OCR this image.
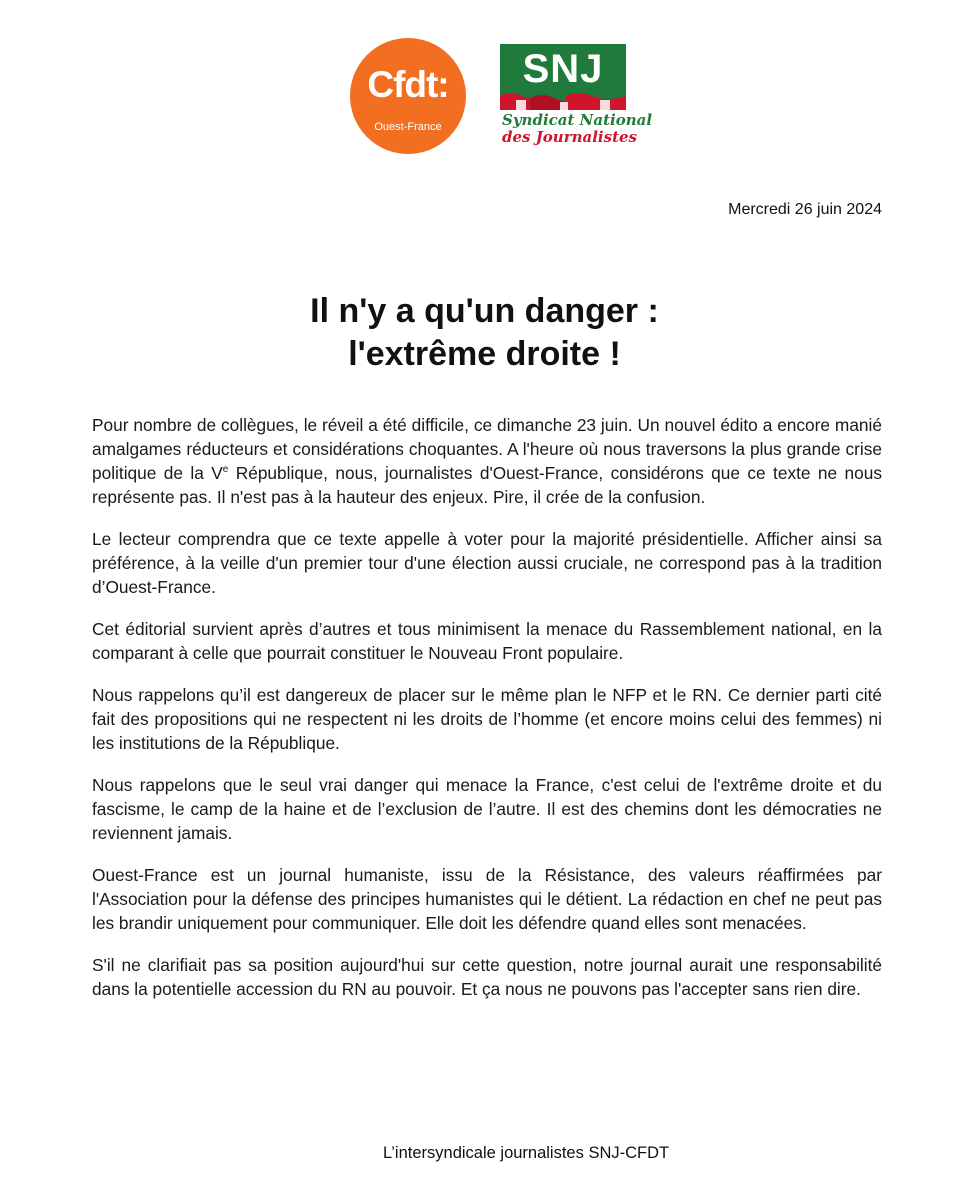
Cfdt:
Ouest-France
SNJ
Syndicat National
des Journalistes
Mercredi 26 juin 2024
Il n'y a qu'un danger :
l'extrême droite !

Pour nombre de collègues, le réveil a été difficile, ce dimanche 23 juin. Un nouvel édito a encore manié amalgames réducteurs et considérations choquantes. A l'heure où nous traversons la plus grande crise politique de la Ve République, nous, journalistes d'Ouest-France, considérons que ce texte ne nous représente pas. Il n'est pas à la hauteur des enjeux. Pire, il crée de la confusion.

Le lecteur comprendra que ce texte appelle à voter pour la majorité présidentielle. Afficher ainsi sa préférence, à la veille d'un premier tour d'une élection aussi cruciale, ne correspond pas à la tradition d’Ouest-France.

Cet éditorial survient après d’autres et tous minimisent la menace du Rassemblement national, en la comparant à celle que pourrait constituer le Nouveau Front populaire.

Nous rappelons qu’il est dangereux de placer sur le même plan le NFP et le RN. Ce dernier parti cité fait des propositions qui ne respectent ni les droits de l’homme (et encore moins celui des femmes) ni les institutions de la République.

Nous rappelons que le seul vrai danger qui menace la France, c'est celui de l'extrême droite et du fascisme, le camp de la haine et de l’exclusion de l’autre. Il est des chemins dont les démocraties ne reviennent jamais.

Ouest-France est un journal humaniste, issu de la Résistance, des valeurs réaffirmées par l'Association pour la défense des principes humanistes qui le détient. La rédaction en chef ne peut pas les brandir uniquement pour communiquer. Elle doit les défendre quand elles sont menacées.

S'il ne clarifiait pas sa position aujourd'hui sur cette question, notre journal aurait une responsabilité dans la potentielle accession du RN au pouvoir. Et ça nous ne pouvons pas l'accepter sans rien dire.

L’intersyndicale journalistes SNJ-CFDT
